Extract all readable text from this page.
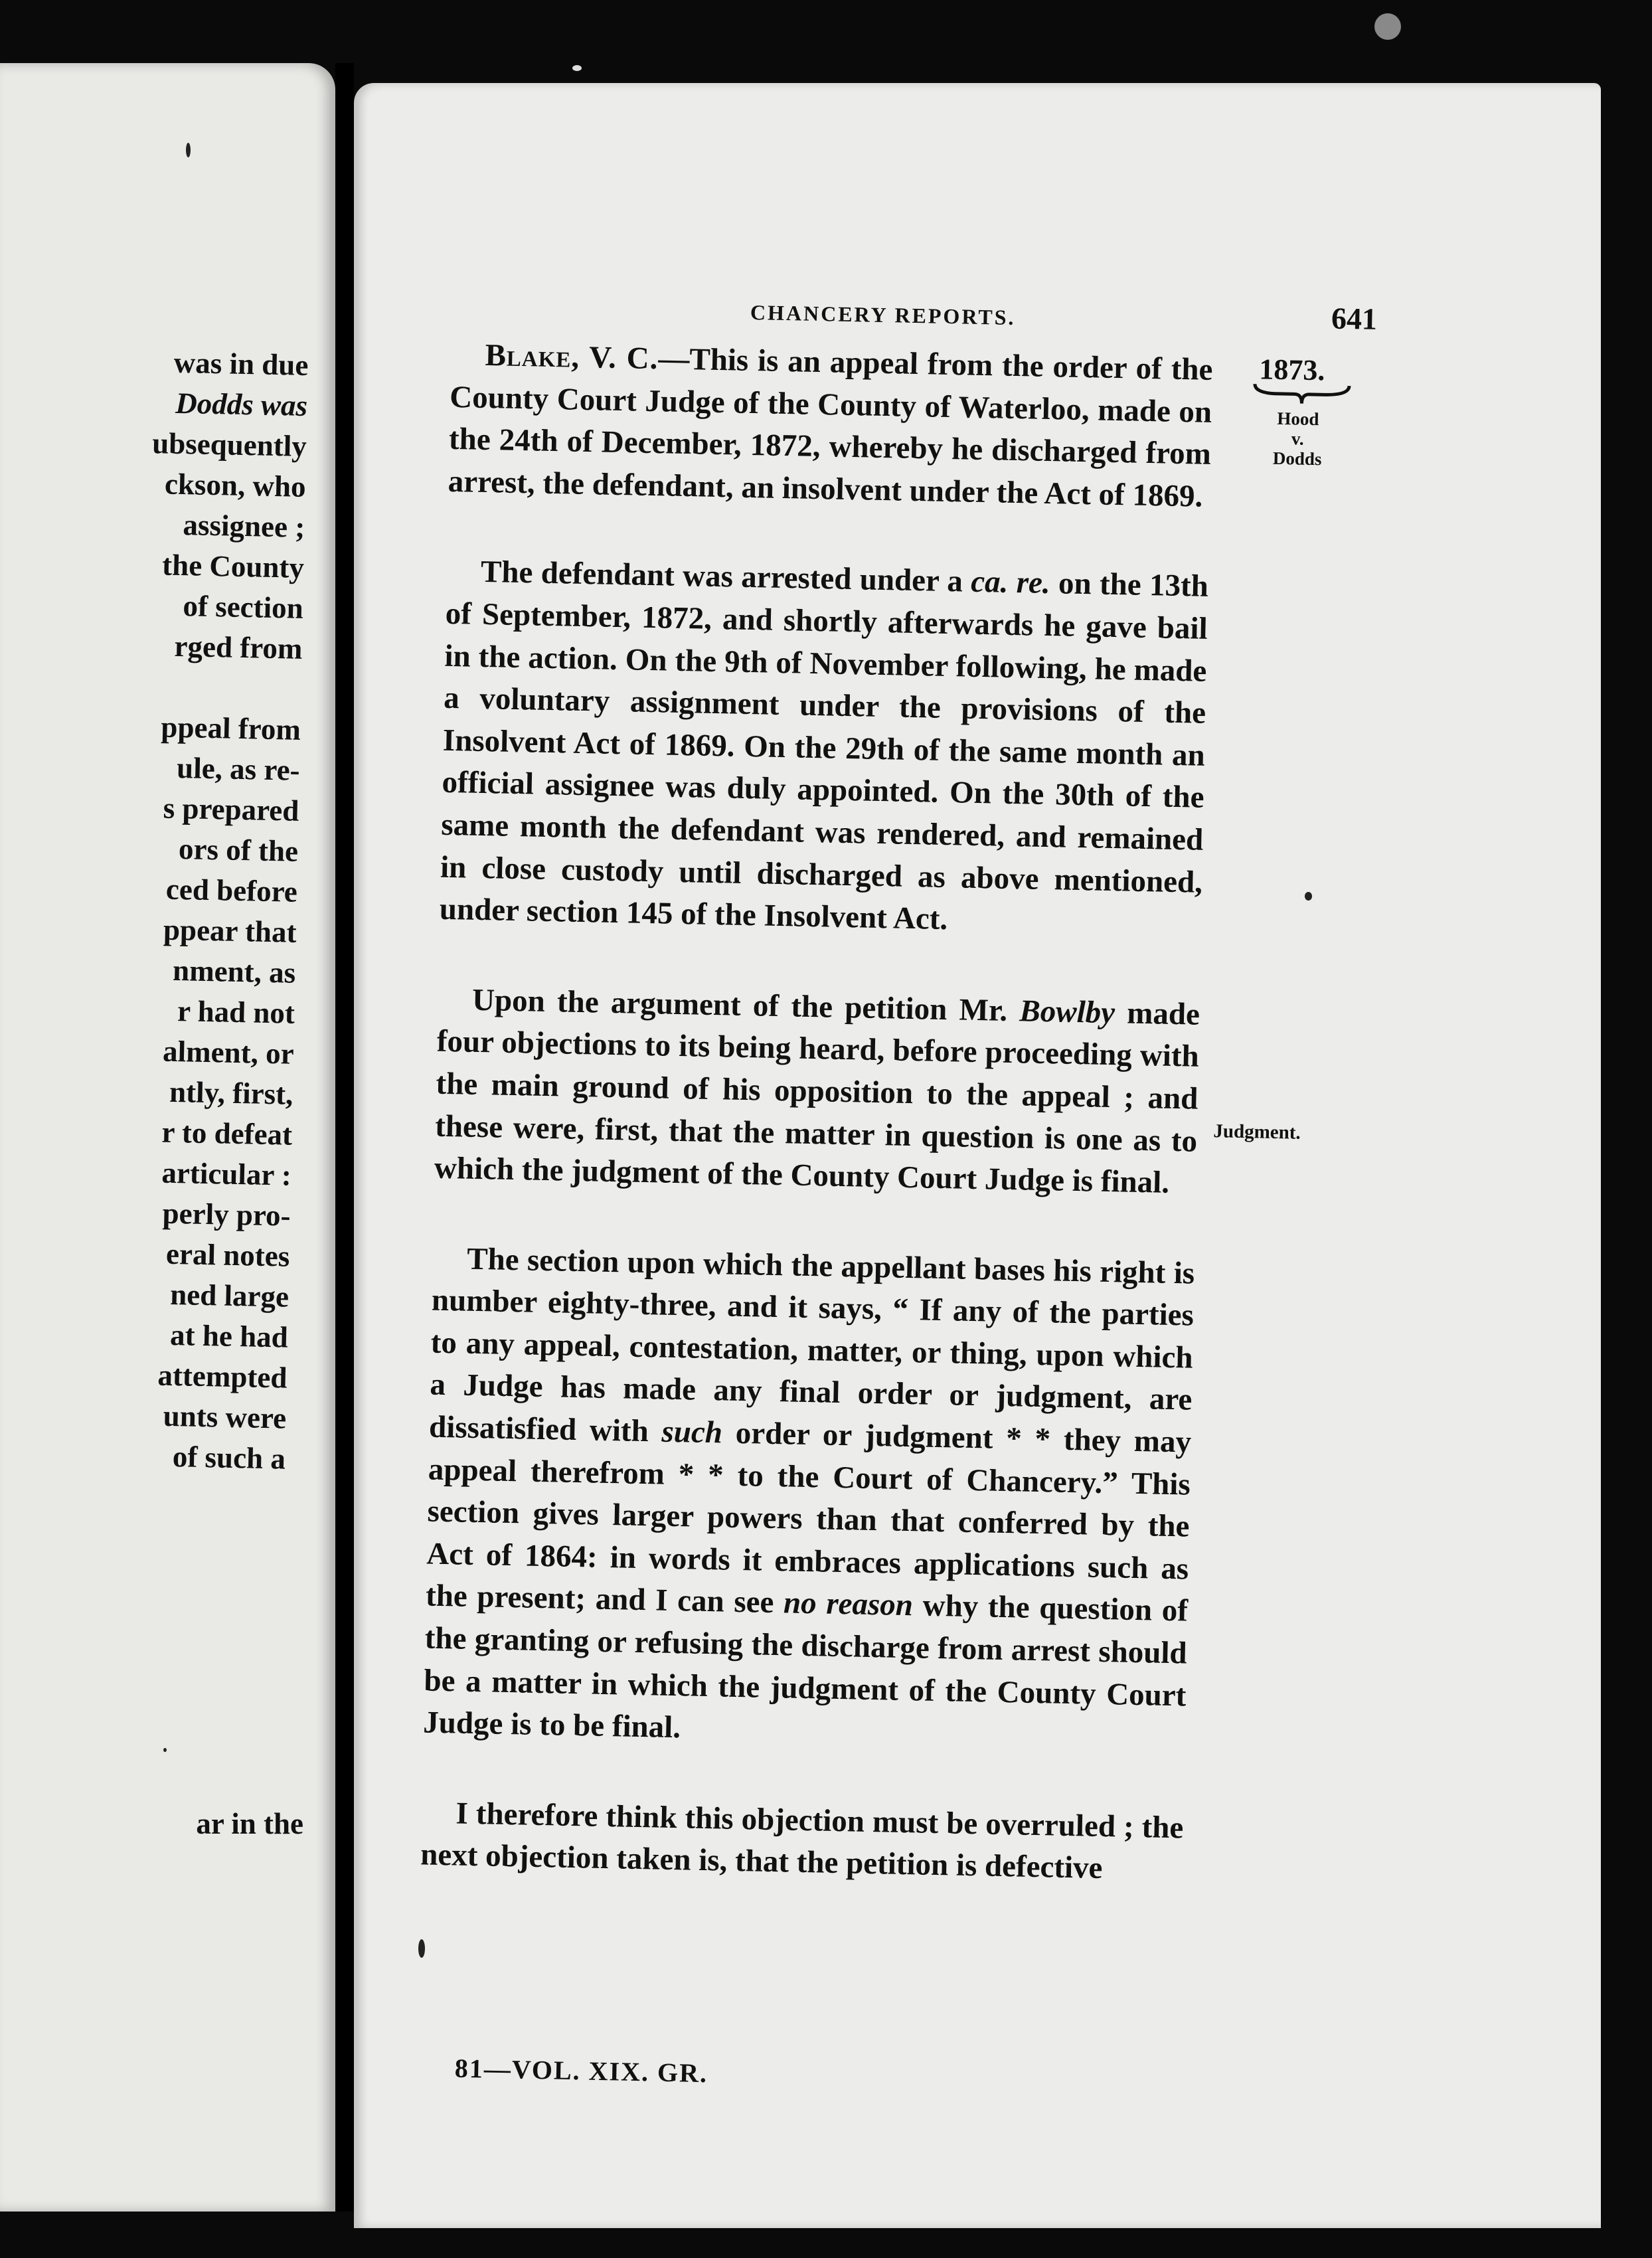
was in due
Dodds was
ubsequently
ckson, who
assignee ;
the County
of section
rged from
ppeal from
ule, as re-
s prepared
ors of the
ced before
ppear that
nment, as
r had not
alment, or
ntly, first,
r to defeat
articular :
perly pro-
eral notes
ned large
at he had
attempted
unts were
of such a
ar in the
CHANCERY REPORTS.	641
1873.
Hood
v.
Dodds
Judgment.

Blake, V. C.—This is an appeal from the order of the County Court Judge of the County of Waterloo, made on the 24th of December, 1872, whereby he discharged from arrest, the defendant, an insolvent under the Act of 1869.

The defendant was arrested under a ca. re. on the 13th of September, 1872, and shortly afterwards he gave bail in the action. On the 9th of November following, he made a voluntary assignment under the provisions of the Insolvent Act of 1869. On the 29th of the same month an official assignee was duly appointed. On the 30th of the same month the defendant was rendered, and remained in close custody until discharged as above mentioned, under section 145 of the Insolvent Act.

Upon the argument of the petition Mr. Bowlby made four objections to its being heard, before proceeding with the main ground of his opposition to the appeal ; and these were, first, that the matter in question is one as to which the judgment of the County Court Judge is final.

The section upon which the appellant bases his right is number eighty-three, and it says, “ If any of the parties to any appeal, contestation, matter, or thing, upon which a Judge has made any final order or judgment, are dissatisfied with such order or judgment * * they may appeal therefrom * * to the Court of Chancery.” This section gives larger powers than that conferred by the Act of 1864: in words it embraces applications such as the present; and I can see no reason why the question of the granting or refusing the discharge from arrest should be a matter in which the judgment of the County Court Judge is to be final.

I therefore think this objection must be overruled ; the next objection taken is, that the petition is defective

81—VOL. XIX. GR.
